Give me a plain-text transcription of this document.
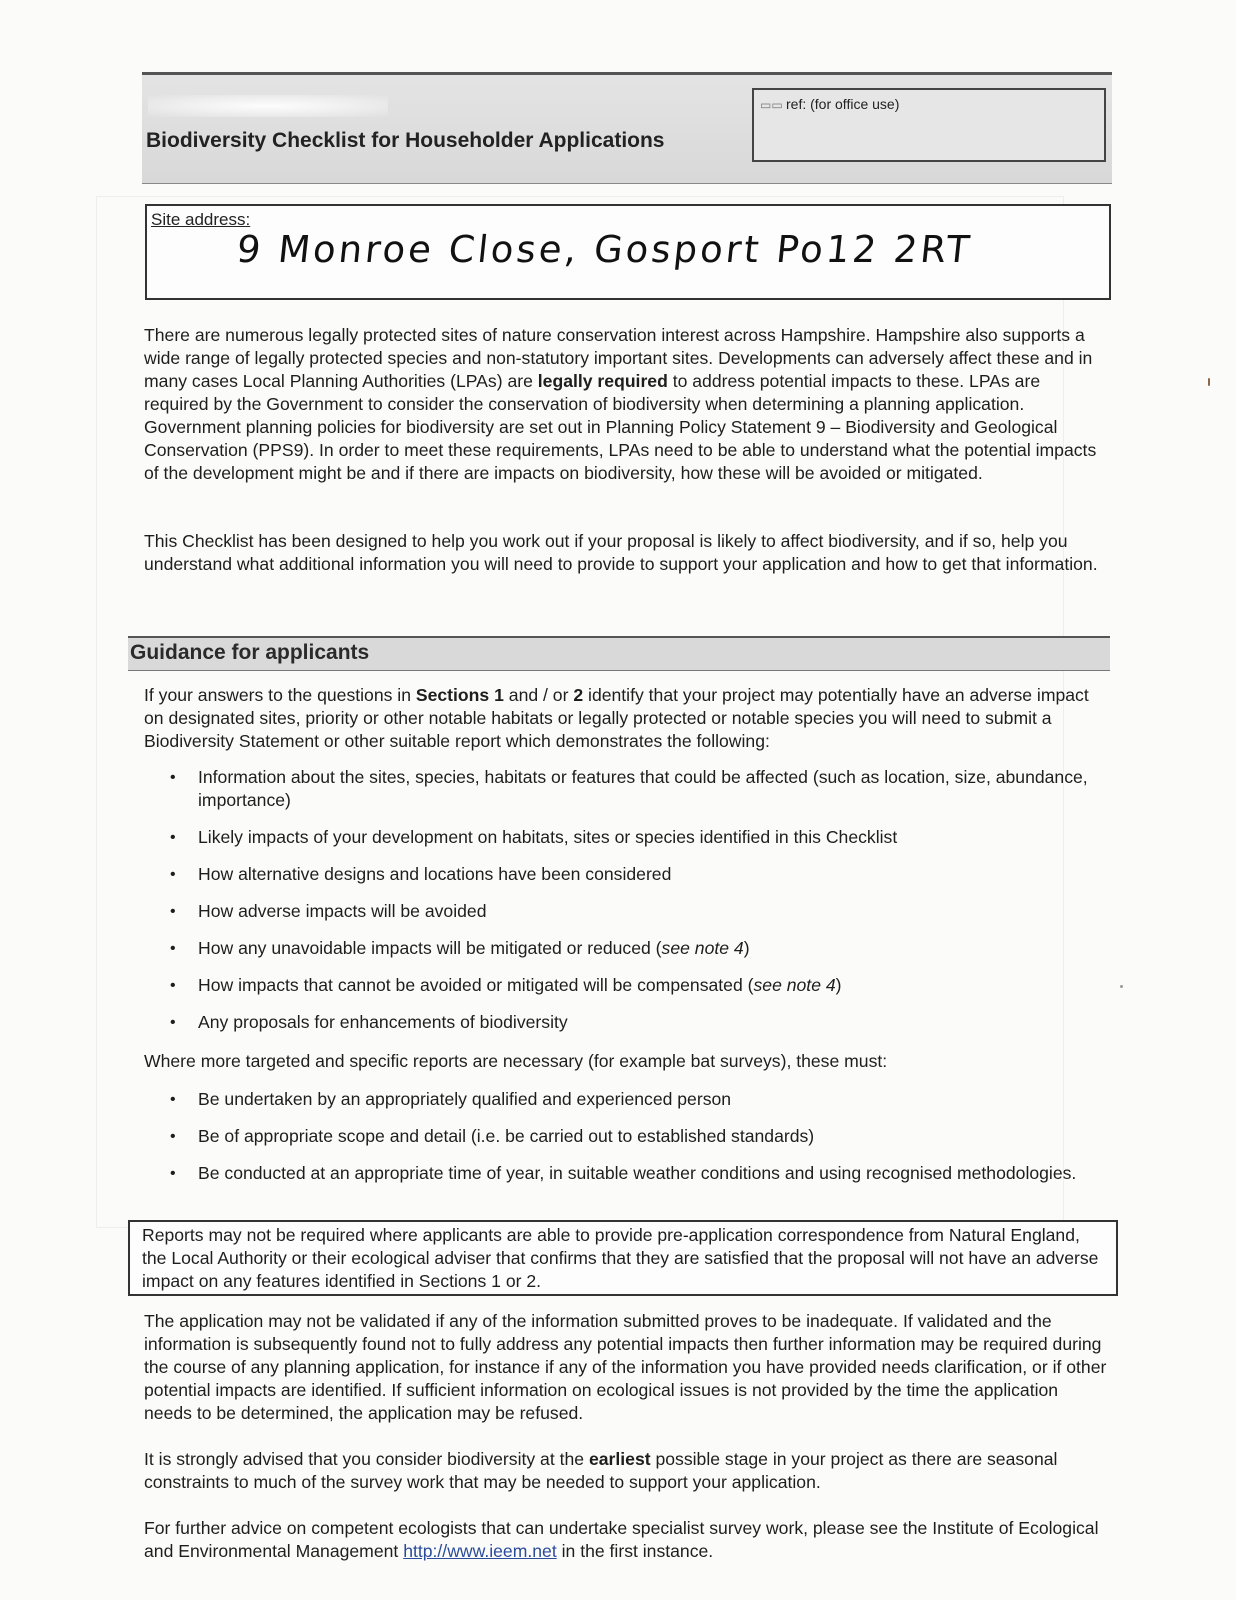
Biodiversity Checklist for Householder Applications
▭▭ ref: (for office use)
Site address:
9 Monroe Close, Gosport Po12 2RT

There are numerous legally protected sites of nature conservation interest across Hampshire. Hampshire also supports a wide range of legally protected species and non-statutory important sites. Developments can adversely affect these and in many cases Local Planning Authorities (LPAs) are legally required to address potential impacts to these. LPAs are required by the Government to consider the conservation of biodiversity when determining a planning application. Government planning policies for biodiversity are set out in Planning Policy Statement 9 – Biodiversity and Geological Conservation (PPS9). In order to meet these requirements, LPAs need to be able to understand what the potential impacts of the development might be and if there are impacts on biodiversity, how these will be avoided or mitigated.

This Checklist has been designed to help you work out if your proposal is likely to affect biodiversity, and if so, help you understand what additional information you will need to provide to support your application and how to get that information.

Guidance for applicants

If your answers to the questions in Sections 1 and / or 2 identify that your project may potentially have an adverse impact on designated sites, priority or other notable habitats or legally protected or notable species you will need to submit a Biodiversity Statement or other suitable report which demonstrates the following:

• Information about the sites, species, habitats or features that could be affected (such as location, size, abundance, importance)
• Likely impacts of your development on habitats, sites or species identified in this Checklist
• How alternative designs and locations have been considered
• How adverse impacts will be avoided
• How any unavoidable impacts will be mitigated or reduced (see note 4)
• How impacts that cannot be avoided or mitigated will be compensated (see note 4)
• Any proposals for enhancements of biodiversity

Where more targeted and specific reports are necessary (for example bat surveys), these must:

• Be undertaken by an appropriately qualified and experienced person
• Be of appropriate scope and detail (i.e. be carried out to established standards)
• Be conducted at an appropriate time of year, in suitable weather conditions and using recognised methodologies.

Reports may not be required where applicants are able to provide pre-application correspondence from Natural England, the Local Authority or their ecological adviser that confirms that they are satisfied that the proposal will not have an adverse impact on any features identified in Sections 1 or 2.

The application may not be validated if any of the information submitted proves to be inadequate. If validated and the information is subsequently found not to fully address any potential impacts then further information may be required during the course of any planning application, for instance if any of the information you have provided needs clarification, or if other potential impacts are identified. If sufficient information on ecological issues is not provided by the time the application needs to be determined, the application may be refused.

It is strongly advised that you consider biodiversity at the earliest possible stage in your project as there are seasonal constraints to much of the survey work that may be needed to support your application.

For further advice on competent ecologists that can undertake specialist survey work, please see the Institute of Ecological and Environmental Management http://www.ieem.net in the first instance.
